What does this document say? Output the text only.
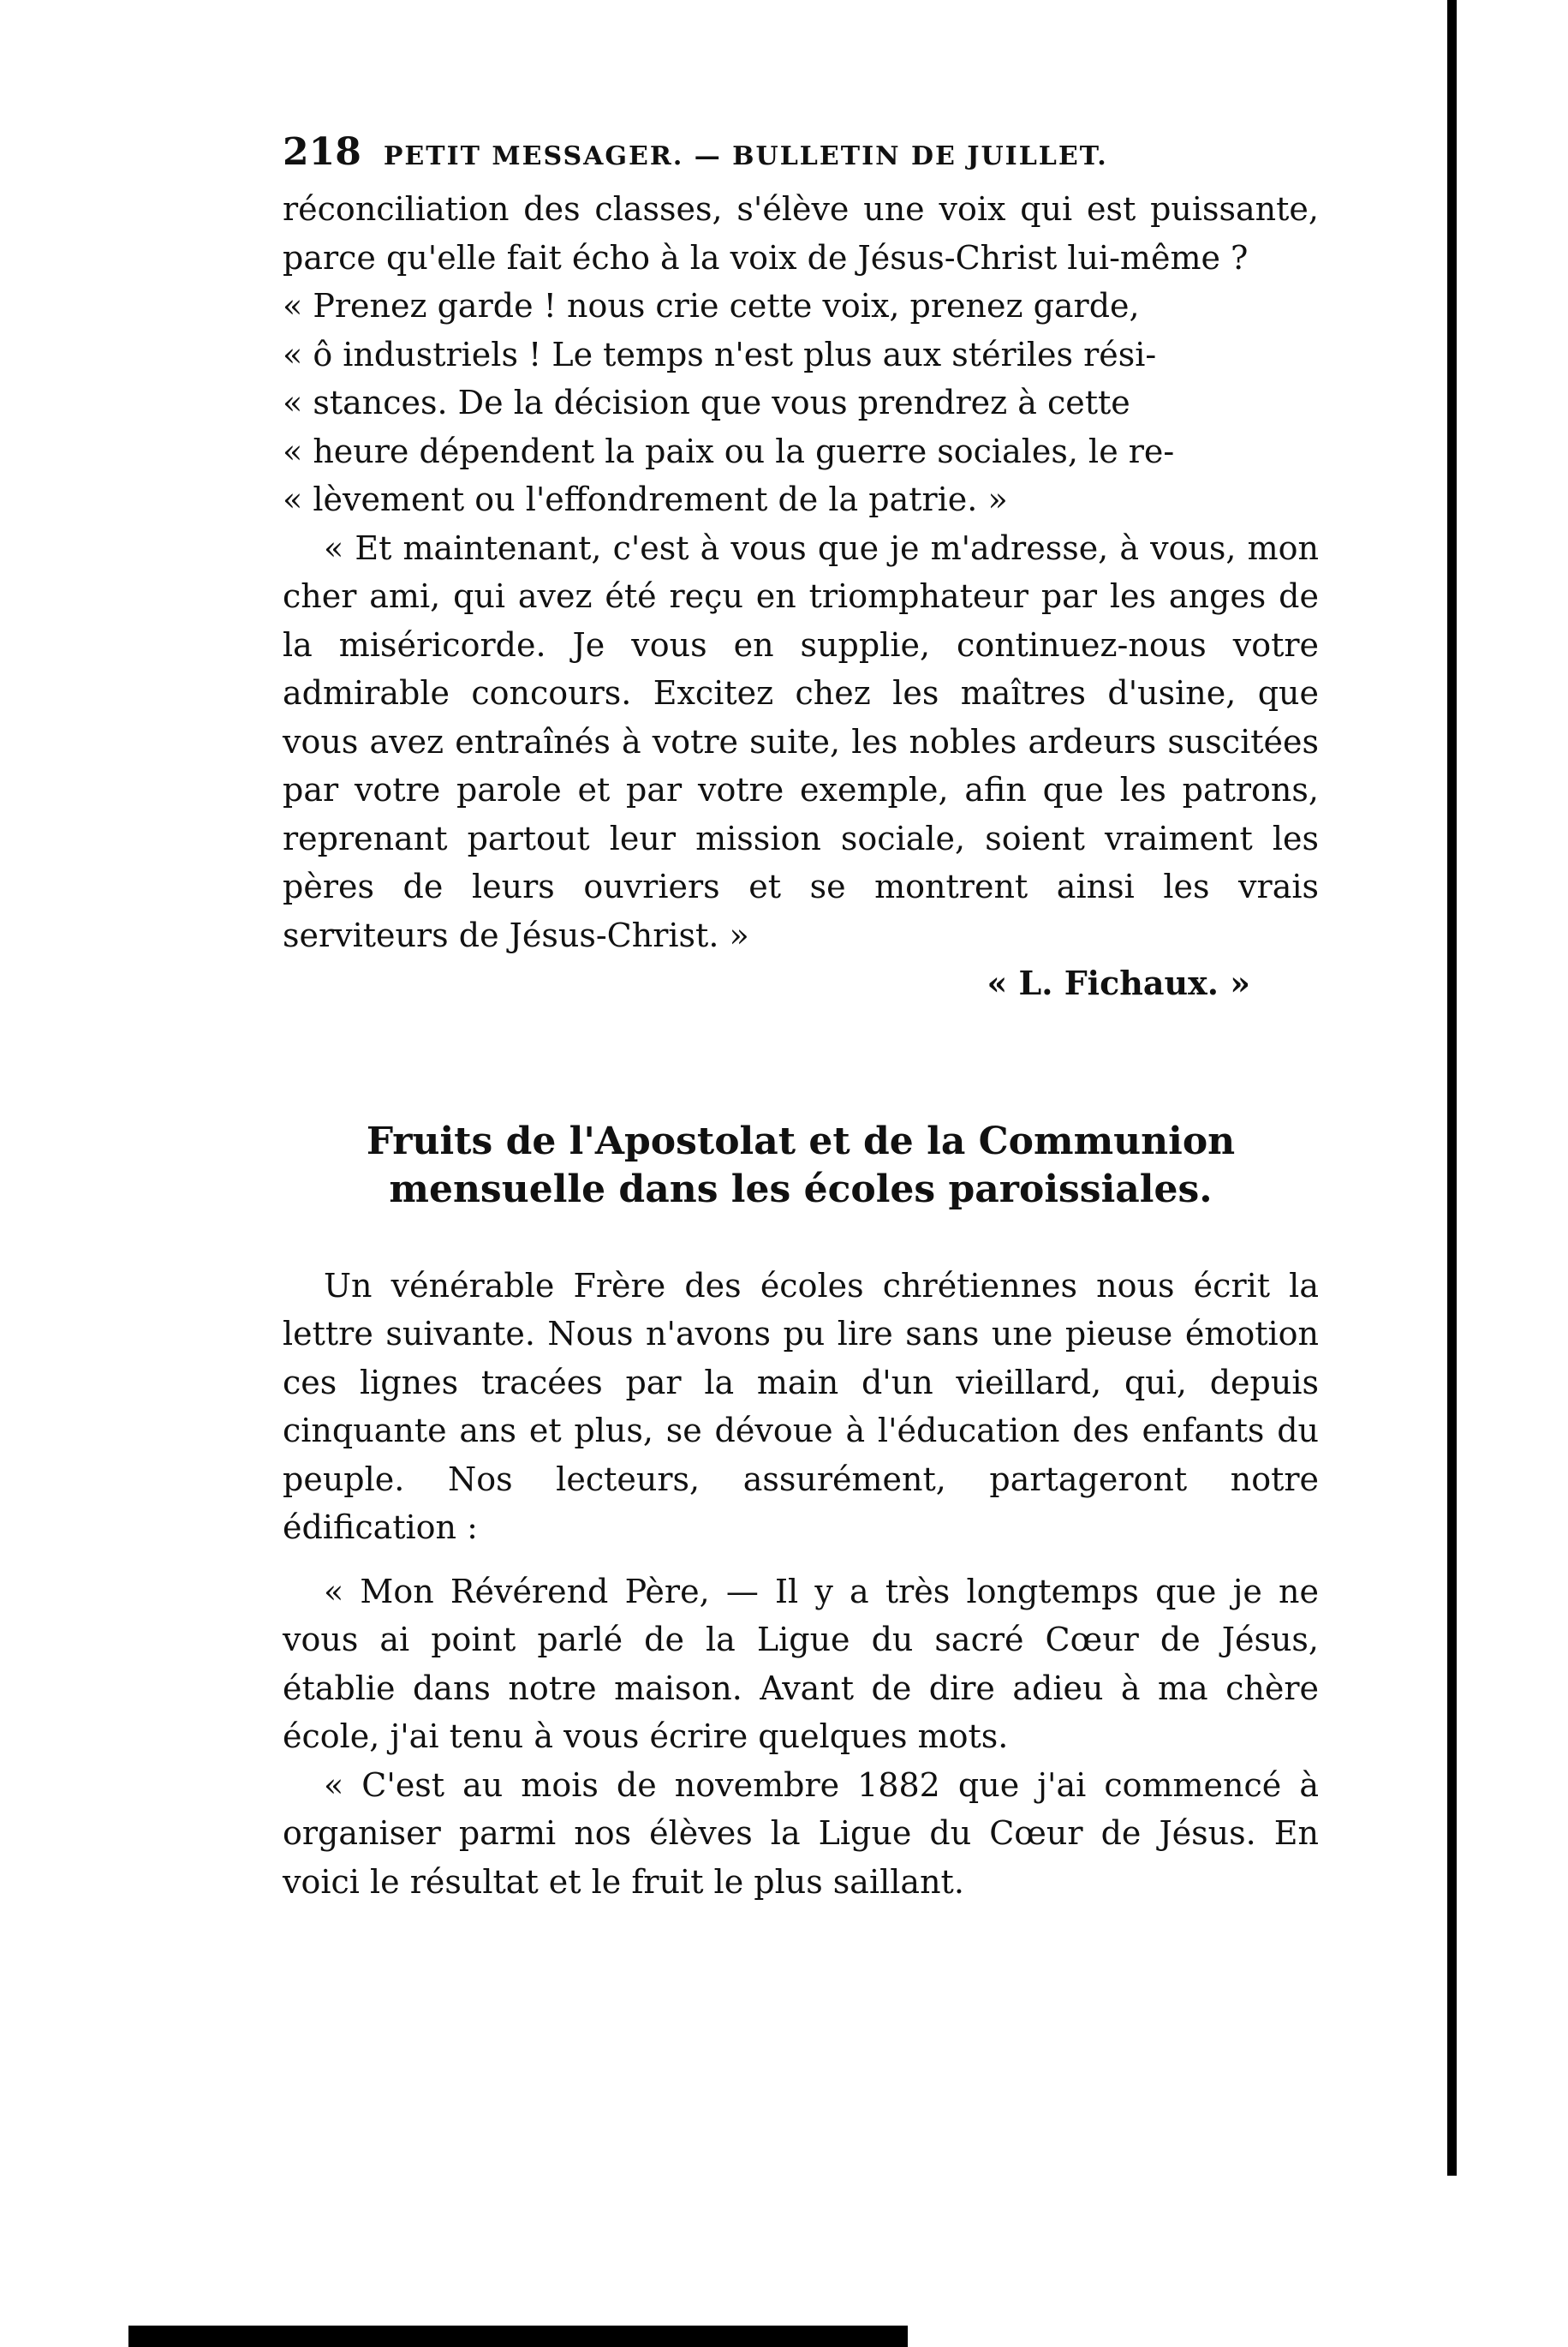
218 PETIT MESSAGER. — BULLETIN DE JUILLET.

réconciliation des classes, s'élève une voix qui est puissante, parce qu'elle fait écho à la voix de Jésus-Christ lui-même ?

« Prenez garde ! nous crie cette voix, prenez garde,

« ô industriels ! Le temps n'est plus aux stériles rési-

« stances. De la décision que vous prendrez à cette

« heure dépendent la paix ou la guerre sociales, le re-

« lèvement ou l'effondrement de la patrie. »

« Et maintenant, c'est à vous que je m'adresse, à vous, mon cher ami, qui avez été reçu en triomphateur par les anges de la miséricorde. Je vous en supplie, continuez-nous votre admirable concours. Excitez chez les maîtres d'usine, que vous avez entraînés à votre suite, les nobles ardeurs suscitées par votre parole et par votre exemple, afin que les patrons, reprenant partout leur mission sociale, soient vraiment les pères de leurs ouvriers et se montrent ainsi les vrais serviteurs de Jésus-Christ. »

« L. Fichaux. »

Fruits de l'Apostolat et de la Communion mensuelle dans les écoles paroissiales.

Un vénérable Frère des écoles chrétiennes nous écrit la lettre suivante. Nous n'avons pu lire sans une pieuse émotion ces lignes tracées par la main d'un vieillard, qui, depuis cinquante ans et plus, se dévoue à l'éducation des enfants du peuple. Nos lecteurs, assurément, partageront notre édification :

« Mon Révérend Père, — Il y a très longtemps que je ne vous ai point parlé de la Ligue du sacré Cœur de Jésus, établie dans notre maison. Avant de dire adieu à ma chère école, j'ai tenu à vous écrire quelques mots.

« C'est au mois de novembre 1882 que j'ai commencé à organiser parmi nos élèves la Ligue du Cœur de Jésus. En voici le résultat et le fruit le plus saillant.
